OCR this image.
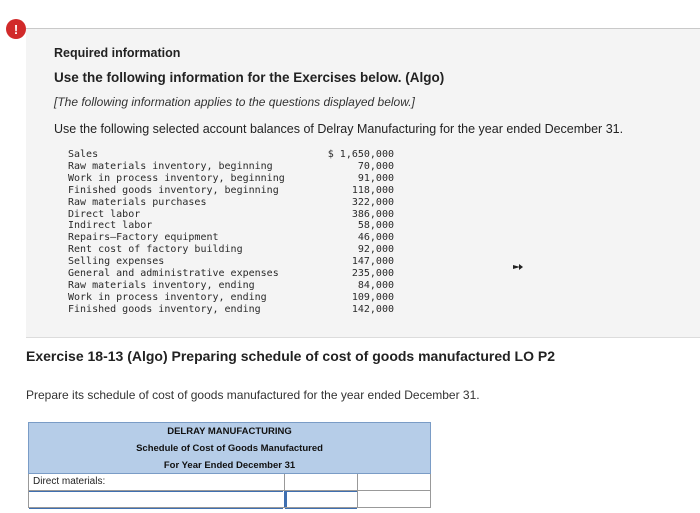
!
Required information
Use the following information for the Exercises below. (Algo)
[The following information applies to the questions displayed below.]
Use the following selected account balances of Delray Manufacturing for the year ended December 31.
Sales	$ 1,650,000
Raw materials inventory, beginning	70,000
Work in process inventory, beginning	91,000
Finished goods inventory, beginning	118,000
Raw materials purchases	322,000
Direct labor	386,000
Indirect labor	58,000
Repairs—Factory equipment	46,000
Rent cost of factory building	92,000
Selling expenses	147,000
General and administrative expenses	235,000
Raw materials inventory, ending	84,000
Work in process inventory, ending	109,000
Finished goods inventory, ending	142,000
Exercise 18-13 (Algo) Preparing schedule of cost of goods manufactured LO P2
Prepare its schedule of cost of goods manufactured for the year ended December 31.
DELRAY MANUFACTURING
Schedule of Cost of Goods Manufactured
For Year Ended December 31
Direct materials:
